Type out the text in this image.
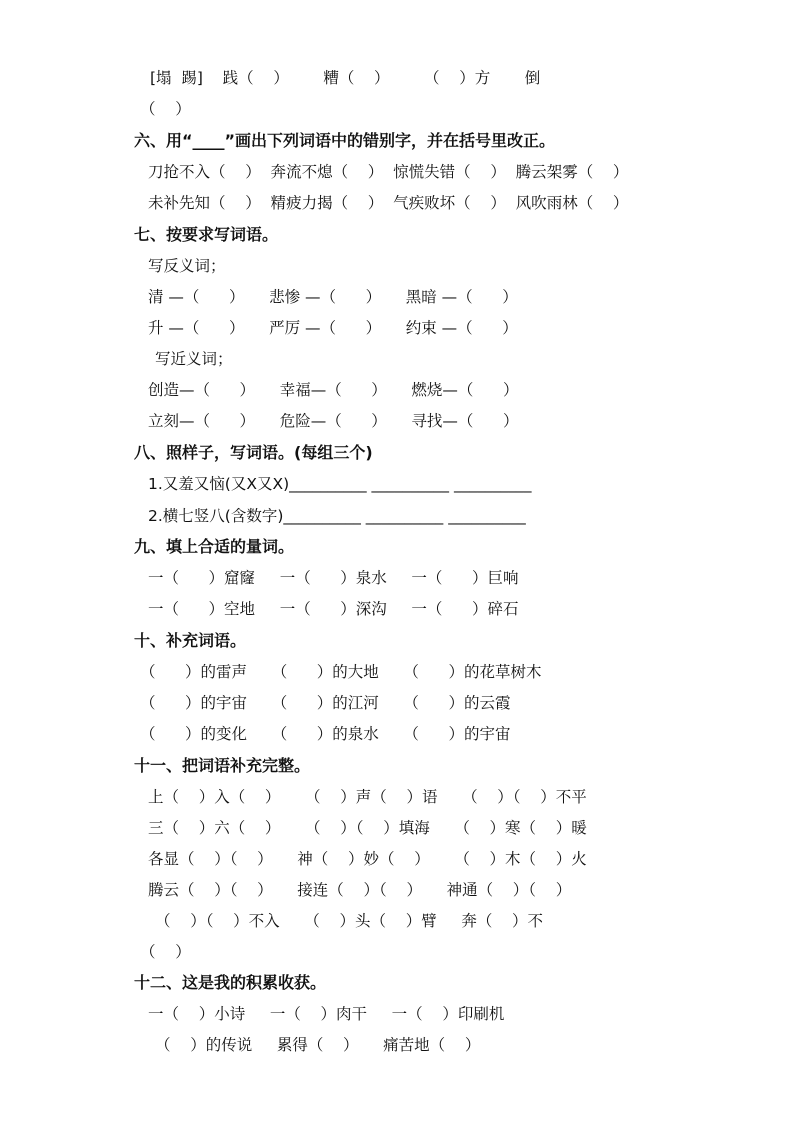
[塌  踢]    践（    ）       糟（    ）       （    ）方       倒
（    ）
六、用“____”画出下列词语中的错别字，并在括号里改正。
刀抢不入（    ）  奔流不熄（    ）  惊慌失错（    ）  腾云架雾（    ）
未补先知（    ）  精疲力揭（    ）  气疾败坏（    ）  风吹雨林（    ）
七、按要求写词语。
写反义词；
清 —（      ）     悲惨 —（      ）     黑暗 —（      ）
升 —（      ）     严厉 —（      ）     约束 —（      ）
写近义词；
创造—（      ）     幸福—（      ）     燃烧—（      ）
立刻—（      ）     危险—（      ）     寻找—（      ）
八、照样子，写词语。(每组三个)
1.又羞又恼(又X又X)__________ __________ __________
2.横七竖八(含数字)__________ __________ __________
九、填上合适的量词。
一（      ）窟窿     一（      ）泉水     一（      ）巨响
一（      ）空地     一（      ）深沟     一（      ）碎石
十、补充词语。
（      ）的雷声     （      ）的大地     （      ）的花草树木
（      ）的宇宙     （      ）的江河     （      ）的云霞
（      ）的变化     （      ）的泉水     （      ）的宇宙
十一、把词语补充完整。
上（    ）入（    ）     （    ）声（    ）语     （    ）（    ）不平
三（    ）六（    ）     （    ）（    ）填海     （    ）寒（    ）暖
各显（    ）（    ）     神（    ）妙（    ）     （    ）木（    ）火
腾云（    ）（    ）     接连（    ）（    ）     神通（    ）（    ）
（    ）（    ）不入     （    ）头（    ）臂     奔（    ）不
（    ）
十二、这是我的积累收获。
一（    ）小诗     一（    ）肉干     一（    ）印刷机
（    ）的传说     累得（    ）     痛苦地（    ）
